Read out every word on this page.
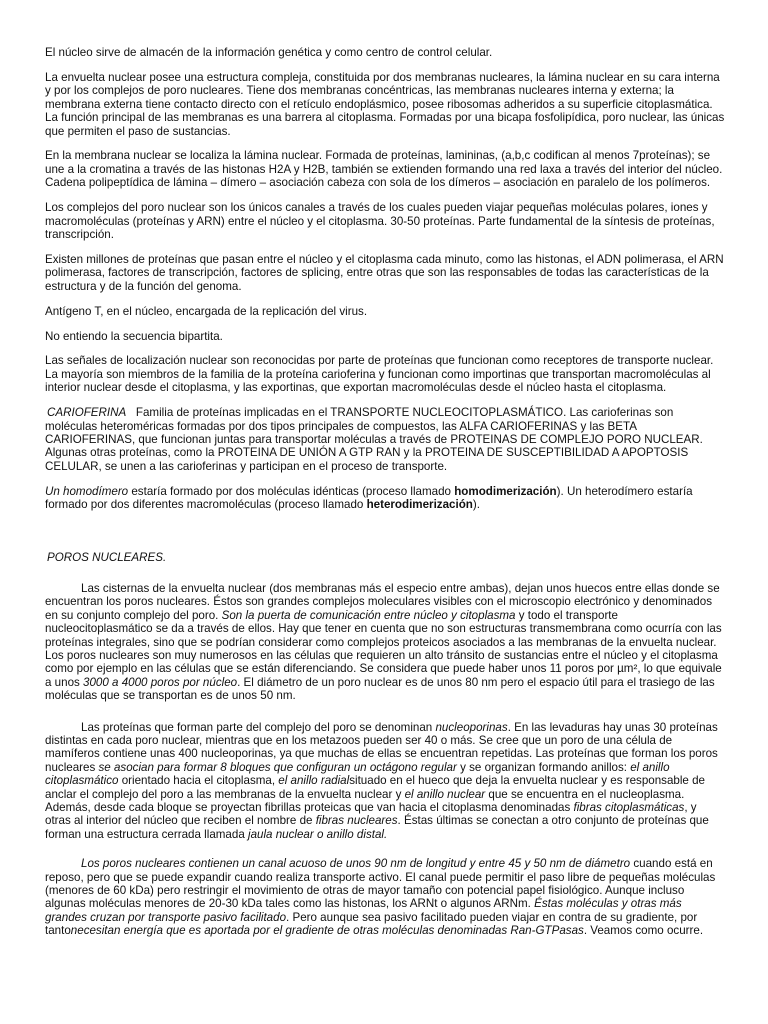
El núcleo sirve de almacén de la información genética y como centro de control celular.

La envuelta nuclear posee una estructura compleja, constituida por dos membranas nucleares, la lámina nuclear en su cara interna y por los complejos de poro nucleares. Tiene dos membranas concéntricas, las membranas nucleares interna y externa; la membrana externa tiene contacto directo con el retículo endoplásmico, posee ribosomas adheridos a su superficie citoplasmática. La función principal de las membranas es una barrera al citoplasma. Formadas por una bicapa fosfolipídica, poro nuclear, las únicas que permiten el paso de sustancias.

En la membrana nuclear se localiza la lámina nuclear. Formada de proteínas, lamininas, (a,b,c codifican al menos 7proteínas); se une a la cromatina a través de las histonas H2A y H2B, también se extienden formando una red laxa a través del interior del núcleo. Cadena polipeptídica de lámina – dímero – asociación cabeza con sola de los dímeros – asociación en paralelo de los polímeros.

Los complejos del poro nuclear son los únicos canales a través de los cuales pueden viajar pequeñas moléculas polares, iones y macromoléculas (proteínas y ARN) entre el núcleo y el citoplasma. 30-50 proteínas. Parte fundamental de la síntesis de proteínas, transcripción.

Existen millones de proteínas que pasan entre el núcleo y el citoplasma cada minuto, como las histonas, el ADN polimerasa, el ARN polimerasa, factores de transcripción, factores de splicing, entre otras que son las responsables de todas las características de la estructura y de la función del genoma.

Antígeno T, en el núcleo, encargada de la replicación del virus.

No entiendo la secuencia bipartita.

Las señales de localización nuclear son reconocidas por parte de proteínas que funcionan como receptores de transporte nuclear. La mayoría son miembros de la familia de la proteína carioferina y funcionan como importinas que transportan macromoléculas al interior nuclear desde el citoplasma, y las exportinas, que exportan macromoléculas desde el núcleo hasta el citoplasma.

CARIOFERINA   Familia de proteínas implicadas en el TRANSPORTE NUCLEOCITOPLASMÁTICO. Las carioferinas son moléculas heteroméricas formadas por dos tipos principales de compuestos, las ALFA CARIOFERINAS y las BETA CARIOFERINAS, que funcionan juntas para transportar moléculas a través de PROTEINAS DE COMPLEJO PORO NUCLEAR. Algunas otras proteínas, como la PROTEINA DE UNIÓN A GTP RAN y la PROTEINA DE SUSCEPTIBILIDAD A APOPTOSIS CELULAR, se unen a las carioferinas y participan en el proceso de transporte.

Un homodímero estaría formado por dos moléculas idénticas (proceso llamado homodimerización). Un heterodímero estaría formado por dos diferentes macromoléculas (proceso llamado heterodimerización).

POROS NUCLEARES.

Las cisternas de la envuelta nuclear (dos membranas más el especio entre ambas), dejan unos huecos entre ellas donde se encuentran los poros nucleares. Éstos son grandes complejos moleculares visibles con el microscopio electrónico y denominados en su conjunto complejo del poro. Son la puerta de comunicación entre núcleo y citoplasma y todo el transporte nucleocitoplasmático se da a través de ellos. Hay que tener en cuenta que no son estructuras transmembrana como ocurría con las proteínas integrales, sino que se podrían considerar como complejos proteicos asociados a las membranas de la envuelta nuclear. Los poros nucleares son muy numerosos en las células que requieren un alto tránsito de sustancias entre el núcleo y el citoplasma como por ejemplo en las células que se están diferenciando. Se considera que puede haber unos 11 poros por µm², lo que equivale a unos 3000 a 4000 poros por núcleo. El diámetro de un poro nuclear es de unos 80 nm pero el espacio útil para el trasiego de las moléculas que se transportan es de unos 50 nm.

Las proteínas que forman parte del complejo del poro se denominan nucleoporinas. En las levaduras hay unas 30 proteínas distintas en cada poro nuclear, mientras que en los metazoos pueden ser 40 o más. Se cree que un poro de una célula de mamíferos contiene unas 400 nucleoporinas, ya que muchas de ellas se encuentran repetidas. Las proteínas que forman los poros nucleares se asocian para formar 8 bloques que configuran un octágono regular y se organizan formando anillos: el anillo citoplasmático orientado hacia el citoplasma, el anillo radialsituado en el hueco que deja la envuelta nuclear y es responsable de anclar el complejo del poro a las membranas de la envuelta nuclear y el anillo nuclear que se encuentra en el nucleoplasma. Además, desde cada bloque se proyectan fibrillas proteicas que van hacia el citoplasma denominadas fibras citoplasmáticas, y otras al interior del núcleo que reciben el nombre de fibras nucleares. Éstas últimas se conectan a otro conjunto de proteínas que forman una estructura cerrada llamada jaula nuclear o anillo distal.

Los poros nucleares contienen un canal acuoso de unos 90 nm de longitud y entre 45 y 50 nm de diámetro cuando está en reposo, pero que se puede expandir cuando realiza transporte activo. El canal puede permitir el paso libre de pequeñas moléculas (menores de 60 kDa) pero restringir el movimiento de otras de mayor tamaño con potencial papel fisiológico. Aunque incluso algunas moléculas menores de 20-30 kDa tales como las histonas, los ARNt o algunos ARNm. Éstas moléculas y otras más grandes cruzan por transporte pasivo facilitado. Pero aunque sea pasivo facilitado pueden viajar en contra de su gradiente, por tantonecesitan energía que es aportada por el gradiente de otras moléculas denominadas Ran-GTPasas. Veamos como ocurre.
